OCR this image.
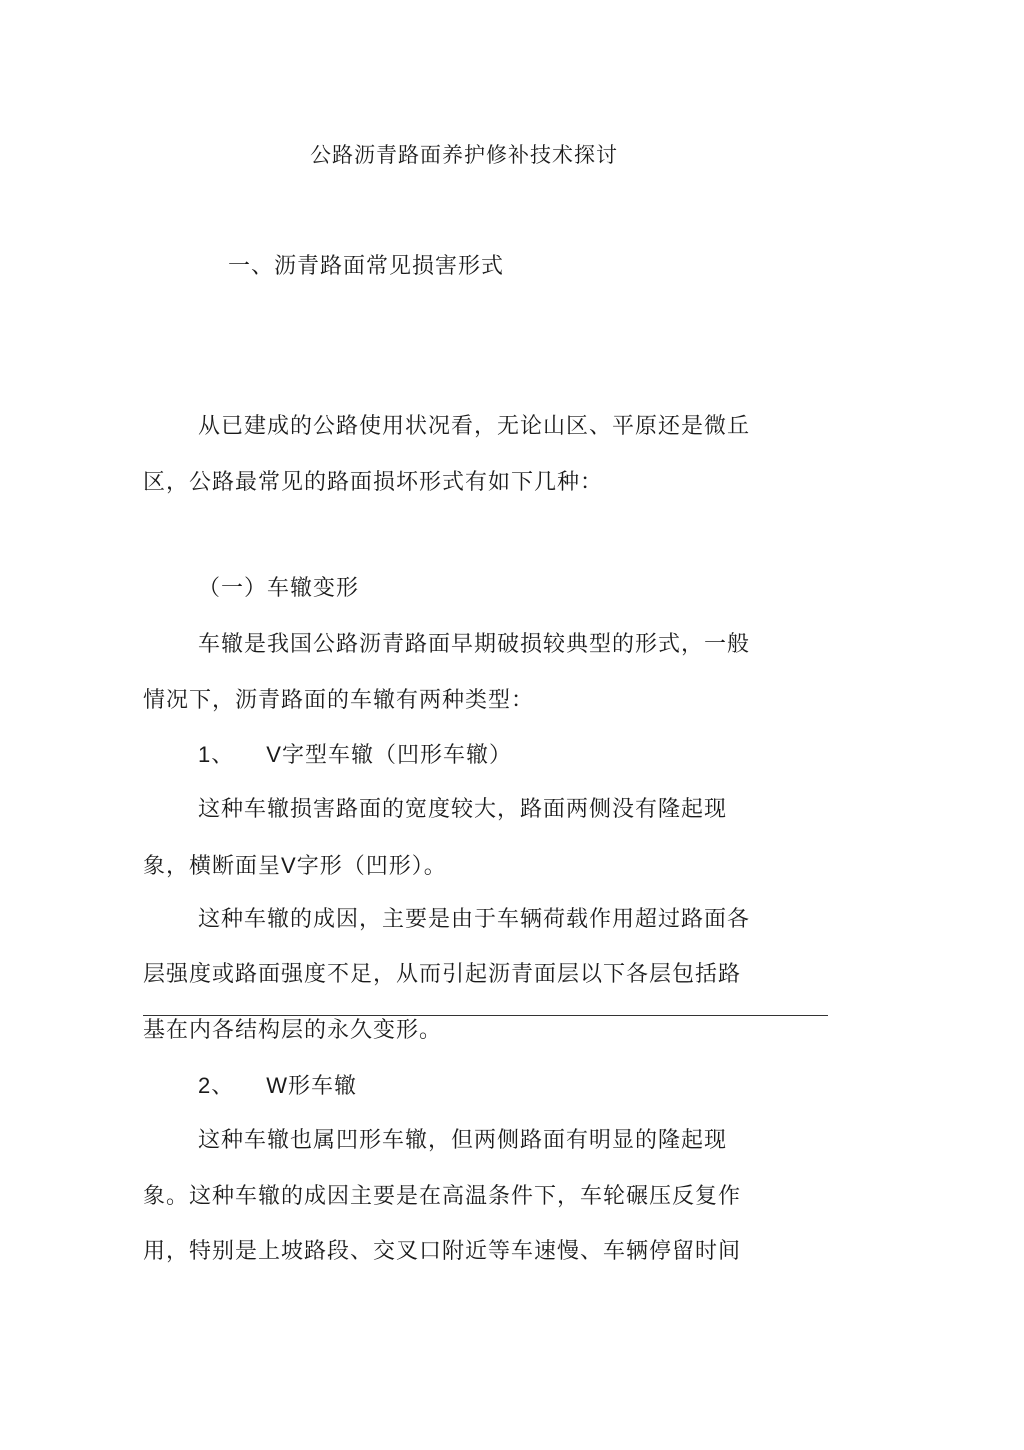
公路沥青路面养护修补技术探讨
一、沥青路面常见损害形式
从已建成的公路使用状况看，无论山区、平原还是微丘
区，公路最常见的路面损坏形式有如下几种：
（一）车辙变形
车辙是我国公路沥青路面早期破损较典型的形式，一般
情况下，沥青路面的车辙有两种类型：
1、 V字型车辙（凹形车辙）
这种车辙损害路面的宽度较大，路面两侧没有隆起现
象，横断面呈V字形（凹形）。
这种车辙的成因，主要是由于车辆荷载作用超过路面各
层强度或路面强度不足，从而引起沥青面层以下各层包括路
基在内各结构层的永久变形。
2、 W形车辙
这种车辙也属凹形车辙，但两侧路面有明显的隆起现
象。这种车辙的成因主要是在高温条件下，车轮碾压反复作
用，特别是上坡路段、交叉口附近等车速慢、车辆停留时间
